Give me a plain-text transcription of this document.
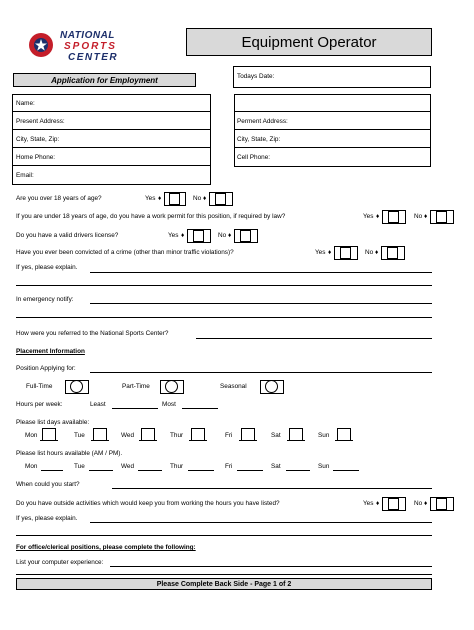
NATIONAL
SPORTS
CENTER
Equipment Operator
Application for Employment	Todays Date:
Name:
Present Address:
City, State, Zip:
Home Phone:
Email:
Perment Address:
City, State, Zip:
Cell Phone:
Are you over 18 years of age?	Yes ♦	No ♦
If you are under 18 years of age, do you have a work permit for this position, if required by law?	Yes ♦	No ♦
Do you have a valid drivers license?	Yes ♦	No ♦
Have you ever been convicted of a crime (other than minor traffic violations)?	Yes ♦	No ♦
If yes, please explain.
In emergency notify:
How were you referred to the National Sports Center?
Placement Information
Position Applying for:
Full-Time	Part-Time	Seasonal
Hours per week:	Least	Most
Please list days available:
Mon	Tue	Wed	Thur	Fri	Sat	Sun
Please list hours available (AM / PM).
Mon	Tue	Wed	Thur	Fri	Sat	Sun
When could you start?
Do you have outside activities which would keep you from working the hours you have listed?	Yes ♦	No ♦
If yes, please explain.
For office/clerical positions, please complete the following:
List your computer experience:
Please Complete Back Side - Page 1 of 2
